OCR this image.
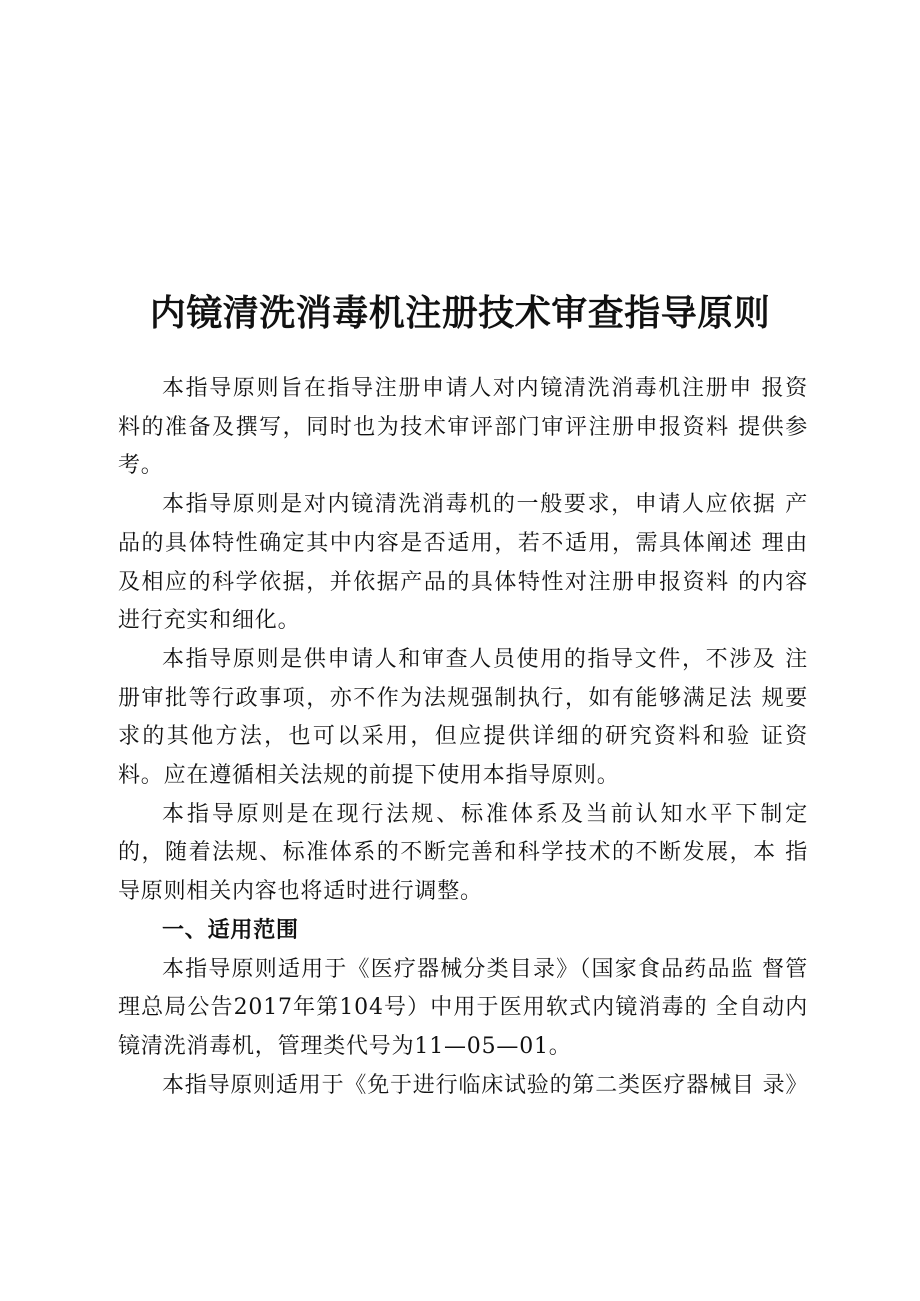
内镜清洗消毒机注册技术审查指导原则

本指导原则旨在指导注册申请人对内镜清洗消毒机注册申 报资料的准备及撰写，同时也为技术审评部门审评注册申报资料 提供参考。

本指导原则是对内镜清洗消毒机的一般要求，申请人应依据 产品的具体特性确定其中内容是否适用，若不适用，需具体阐述 理由及相应的科学依据，并依据产品的具体特性对注册申报资料 的内容进行充实和细化。

本指导原则是供申请人和审查人员使用的指导文件，不涉及 注册审批等行政事项，亦不作为法规强制执行，如有能够满足法 规要求的其他方法，也可以采用，但应提供详细的研究资料和验 证资料。应在遵循相关法规的前提下使用本指导原则。

本指导原则是在现行法规、标准体系及当前认知水平下制定 的，随着法规、标准体系的不断完善和科学技术的不断发展，本 指导原则相关内容也将适时进行调整。

一、适用范围

本指导原则适用于《医疗器械分类目录》（国家食品药品监 督管理总局公告2017年第104号）中用于医用软式内镜消毒的 全自动内镜清洗消毒机，管理类代号为11—05—01。

本指导原则适用于《免于进行临床试验的第二类医疗器械目 录》
